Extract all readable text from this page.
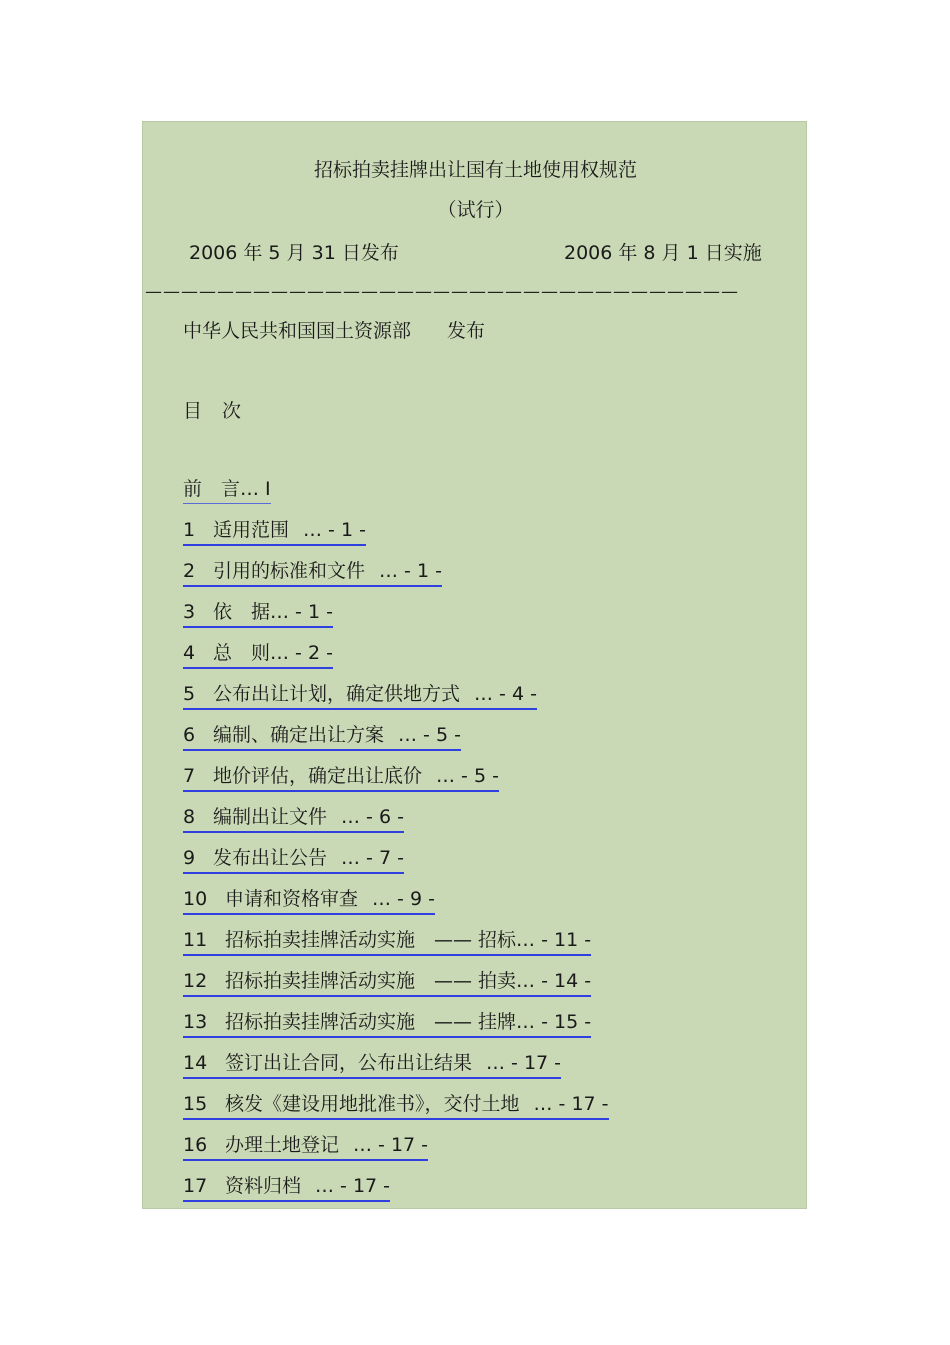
招标拍卖挂牌出让国有土地使用权规范
（试行）
2006 年 5 月 31 日发布	2006 年 8 月 1 日实施
—————————————————————————————————
中华人民共和国国土资源部 发布
目 次
前　言… I
1 适用范围 … - 1 -
2 引用的标准和文件 … - 1 -
3 依　据… - 1 -
4 总　则… - 2 -
5 公布出让计划，确定供地方式 … - 4 -
6 编制、确定出让方案 … - 5 -
7 地价评估，确定出让底价 … - 5 -
8 编制出让文件 … - 6 -
9 发布出让公告 … - 7 -
10 申请和资格审查 … - 9 -
11 招标拍卖挂牌活动实施　—— 招标… - 11 -
12 招标拍卖挂牌活动实施　—— 拍卖… - 14 -
13 招标拍卖挂牌活动实施　—— 挂牌… - 15 -
14 签订出让合同，公布出让结果 … - 17 -
15 核发《建设用地批准书》，交付土地 … - 17 -
16 办理土地登记 … - 17 -
17 资料归档 … - 17 -
